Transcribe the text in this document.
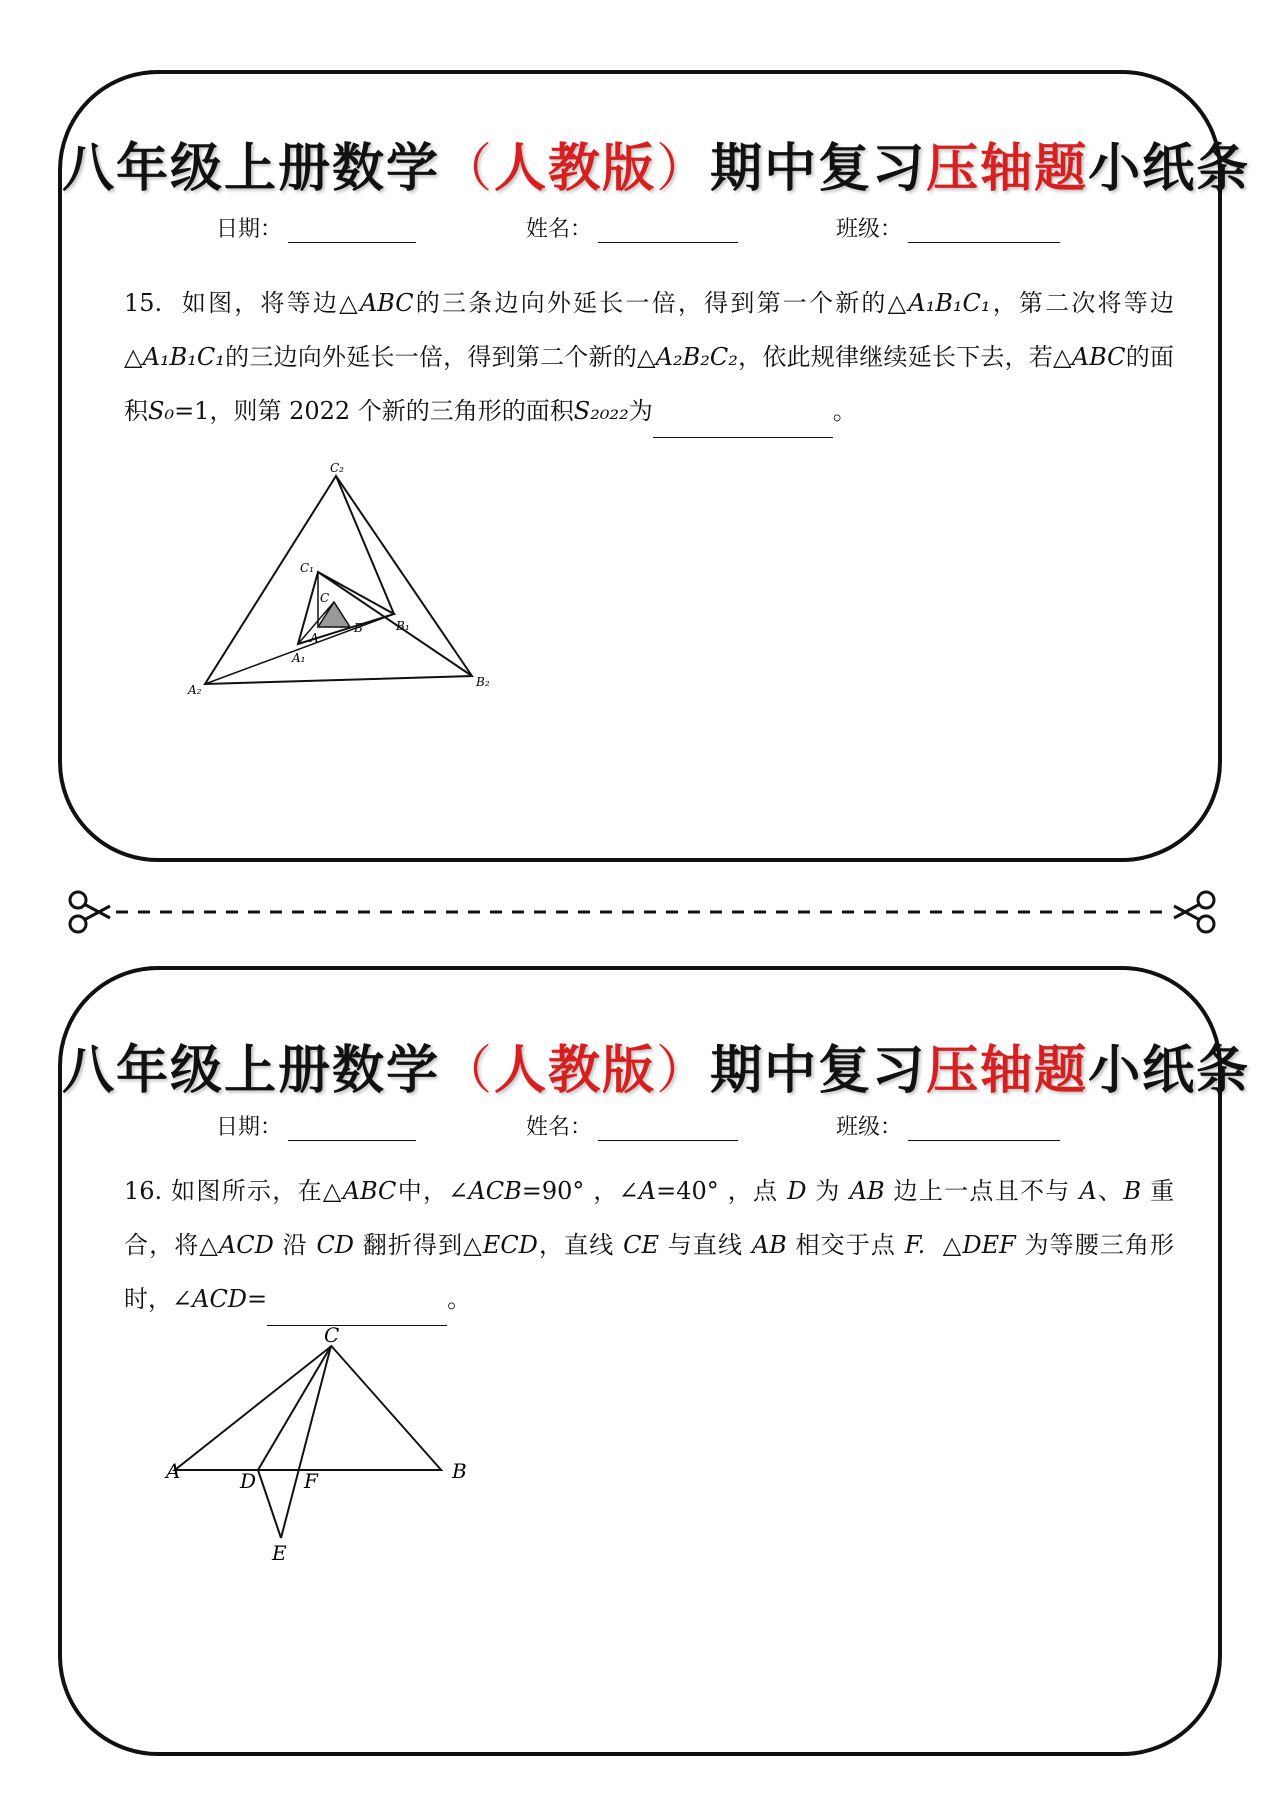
八年级上册数学（人教版）期中复习压轴题小纸条
日期：	姓名：	班级：
15. 如图，将等边△ABC的三条边向外延长一倍，得到第一个新的△A₁B₁C₁，第二次将等边△A₁B₁C₁的三边向外延长一倍，得到第二个新的△A₂B₂C₂，依此规律继续延长下去，若△ABC的面积S₀=1，则第 2022 个新的三角形的面积S₂₀₂₂为	。
C₂
C₁
C
B	B₁
A
A₁
A₂
B₂
八年级上册数学（人教版）期中复习压轴题小纸条
日期：	姓名：	班级：
16. 如图所示，在△ABC中，∠ACB=90° ，∠A=40° ，点 D 为 AB 边上一点且不与 A、B 重合，将△ACD 沿 CD 翻折得到△ECD，直线 CE 与直线 AB 相交于点 F. △DEF 为等腰三角形时，∠ACD=	。
C
A	D F	B
E
